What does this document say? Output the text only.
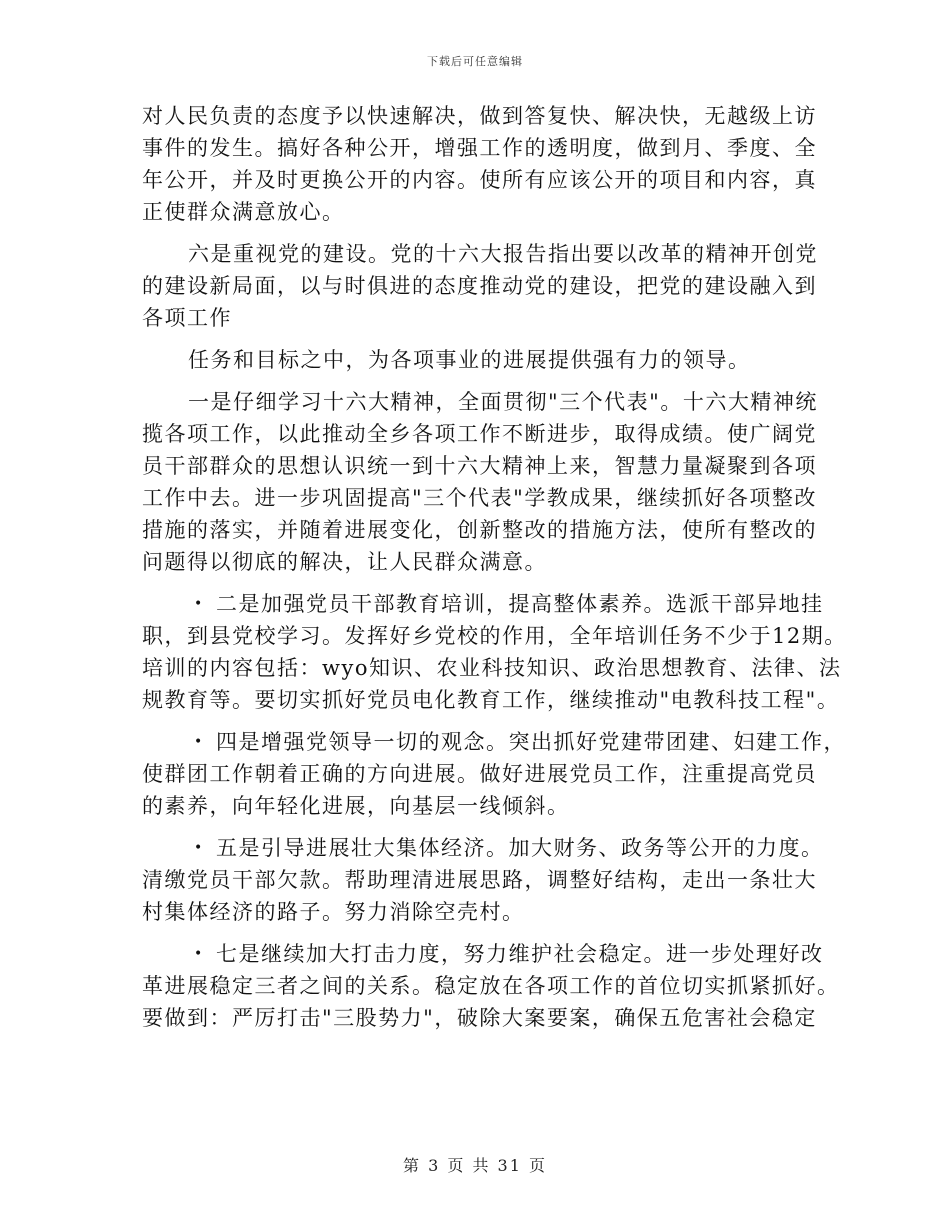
下载后可任意编辑
对人民负责的态度予以快速解决，做到答复快、解决快，无越级上访
事件的发生。搞好各种公开，增强工作的透明度，做到月、季度、全
年公开，并及时更换公开的内容。使所有应该公开的项目和内容，真
正使群众满意放心。
六是重视党的建设。党的十六大报告指出要以改革的精神开创党
的建设新局面，以与时俱进的态度推动党的建设，把党的建设融入到
各项工作
任务和目标之中，为各项事业的进展提供强有力的领导。
一是仔细学习十六大精神，全面贯彻"三个代表"。十六大精神统
揽各项工作，以此推动全乡各项工作不断进步，取得成绩。使广阔党
员干部群众的思想认识统一到十六大精神上来，智慧力量凝聚到各项
工作中去。进一步巩固提高"三个代表"学教成果，继续抓好各项整改
措施的落实，并随着进展变化，创新整改的措施方法，使所有整改的
问题得以彻底的解决，让人民群众满意。
• 二是加强党员干部教育培训，提高整体素养。选派干部异地挂
职，到县党校学习。发挥好乡党校的作用，全年培训任务不少于12期。
培训的内容包括：wyo知识、农业科技知识、政治思想教育、法律、法
规教育等。要切实抓好党员电化教育工作，继续推动"电教科技工程"。
• 四是增强党领导一切的观念。突出抓好党建带团建、妇建工作，
使群团工作朝着正确的方向进展。做好进展党员工作，注重提高党员
的素养，向年轻化进展，向基层一线倾斜。
• 五是引导进展壮大集体经济。加大财务、政务等公开的力度。
清缴党员干部欠款。帮助理清进展思路，调整好结构，走出一条壮大
村集体经济的路子。努力消除空壳村。
• 七是继续加大打击力度，努力维护社会稳定。进一步处理好改
革进展稳定三者之间的关系。稳定放在各项工作的首位切实抓紧抓好。
要做到：严厉打击"三股势力"，破除大案要案，确保五危害社会稳定
第 3 页 共 31 页
